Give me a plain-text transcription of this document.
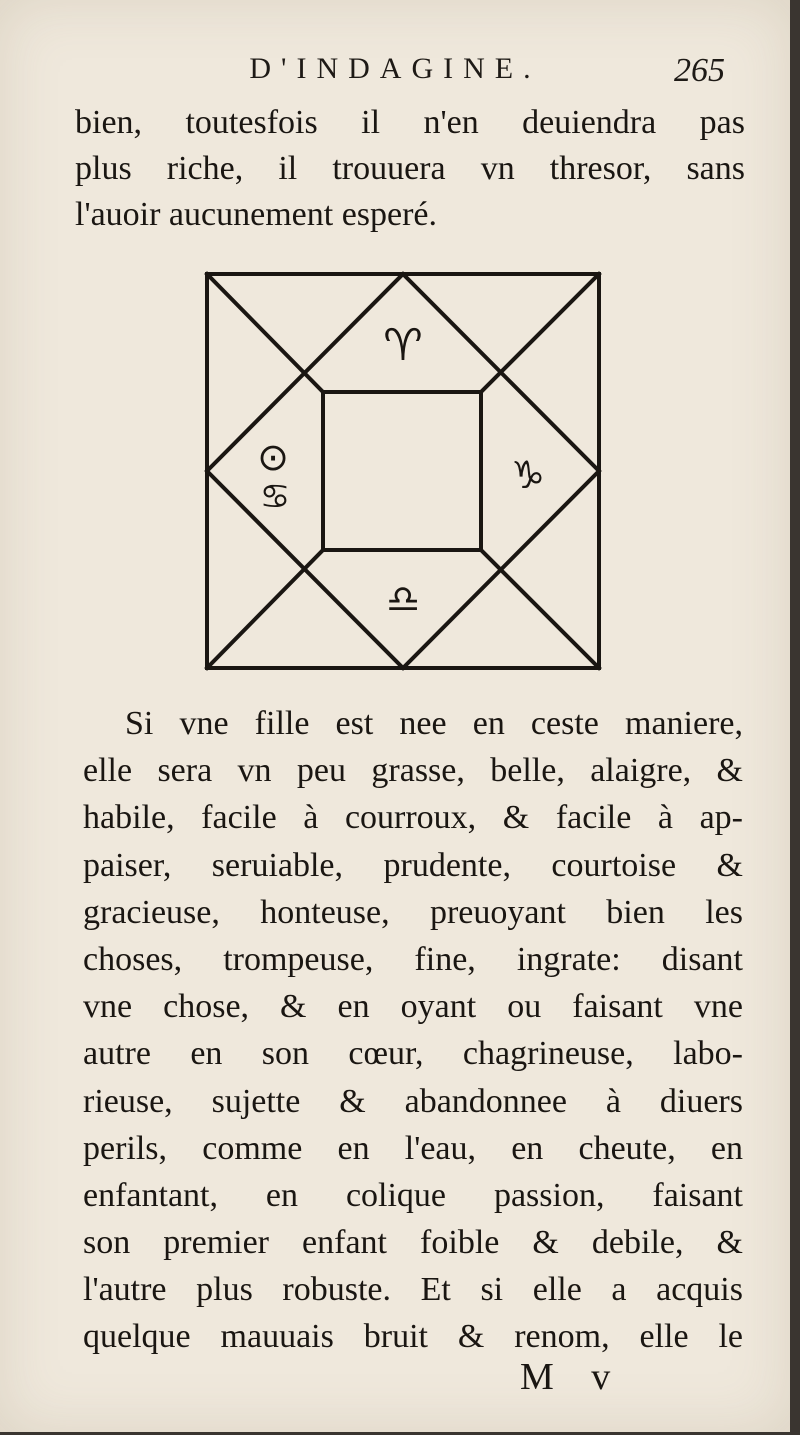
D'INDAGINE.	265
bien, toutesfois il n'en deuiendra pas
plus riche, il trouuera vn thresor, sans
l'auoir aucunement esperé.
♈
⊙
♋	♑
♎
Si vne fille est nee en ceste maniere,
elle sera vn peu grasse, belle, alaigre, &
habile, facile à courroux, & facile à ap-
paiser, seruiable, prudente, courtoise &
gracieuse, honteuse, preuoyant bien les
choses, trompeuse, fine, ingrate: disant
vne chose, & en oyant ou faisant vne
autre en son cœur, chagrineuse, labo-
rieuse, sujette & abandonnee à diuers
perils, comme en l'eau, en cheute, en
enfantant, en colique passion, faisant
son premier enfant foible & debile, &
l'autre plus robuste. Et si elle a acquis
quelque mauuais bruit & renom, elle le
M v
